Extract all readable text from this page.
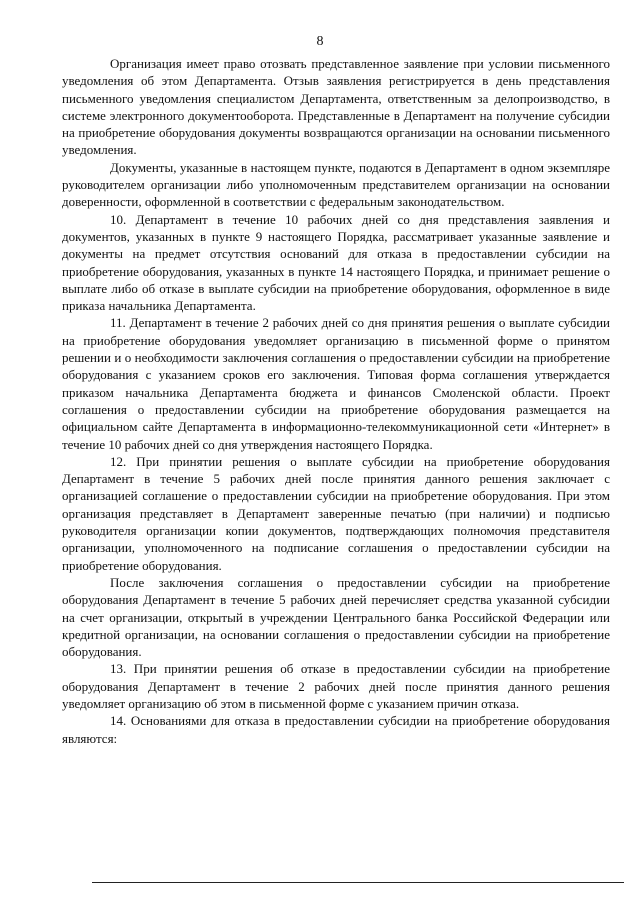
8

Организация имеет право отозвать представленное заявление при условии письменного уведомления об этом Департамента. Отзыв заявления регистрируется в день представления письменного уведомления специалистом Департамента, ответственным за делопроизводство, в системе электронного документооборота. Представленные в Департамент на получение субсидии на приобретение оборудования документы возвращаются организации на основании письменного уведомления.

Документы, указанные в настоящем пункте, подаются в Департамент в одном экземпляре руководителем организации либо уполномоченным представителем организации на основании доверенности, оформленной в соответствии с федеральным законодательством.

10. Департамент в течение 10 рабочих дней со дня представления заявления и документов, указанных в пункте 9 настоящего Порядка, рассматривает указанные заявление и документы на предмет отсутствия оснований для отказа в предоставлении субсидии на приобретение оборудования, указанных в пункте 14 настоящего Порядка, и принимает решение о выплате либо об отказе в выплате субсидии на приобретение оборудования, оформленное в виде приказа начальника Департамента.

11. Департамент в течение 2 рабочих дней со дня принятия решения о выплате субсидии на приобретение оборудования уведомляет организацию в письменной форме о принятом решении и о необходимости заключения соглашения о предоставлении субсидии на приобретение оборудования с указанием сроков его заключения. Типовая форма соглашения утверждается приказом начальника Департамента бюджета и финансов Смоленской области. Проект соглашения о предоставлении субсидии на приобретение оборудования размещается на официальном сайте Департамента в информационно-телекоммуникационной сети «Интернет» в течение 10 рабочих дней со дня утверждения настоящего Порядка.

12. При принятии решения о выплате субсидии на приобретение оборудования Департамент в течение 5 рабочих дней после принятия данного решения заключает с организацией соглашение о предоставлении субсидии на приобретение оборудования. При этом организация представляет в Департамент заверенные печатью (при наличии) и подписью руководителя организации копии документов, подтверждающих полномочия представителя организации, уполномоченного на подписание соглашения о предоставлении субсидии на приобретение оборудования.

После заключения соглашения о предоставлении субсидии на приобретение оборудования Департамент в течение 5 рабочих дней перечисляет средства указанной субсидии на счет организации, открытый в учреждении Центрального банка Российской Федерации или кредитной организации, на основании соглашения о предоставлении субсидии на приобретение оборудования.

13. При принятии решения об отказе в предоставлении субсидии на приобретение оборудования Департамент в течение 2 рабочих дней после принятия данного решения уведомляет организацию об этом в письменной форме с указанием причин отказа.

14. Основаниями для отказа в предоставлении субсидии на приобретение оборудования являются:
